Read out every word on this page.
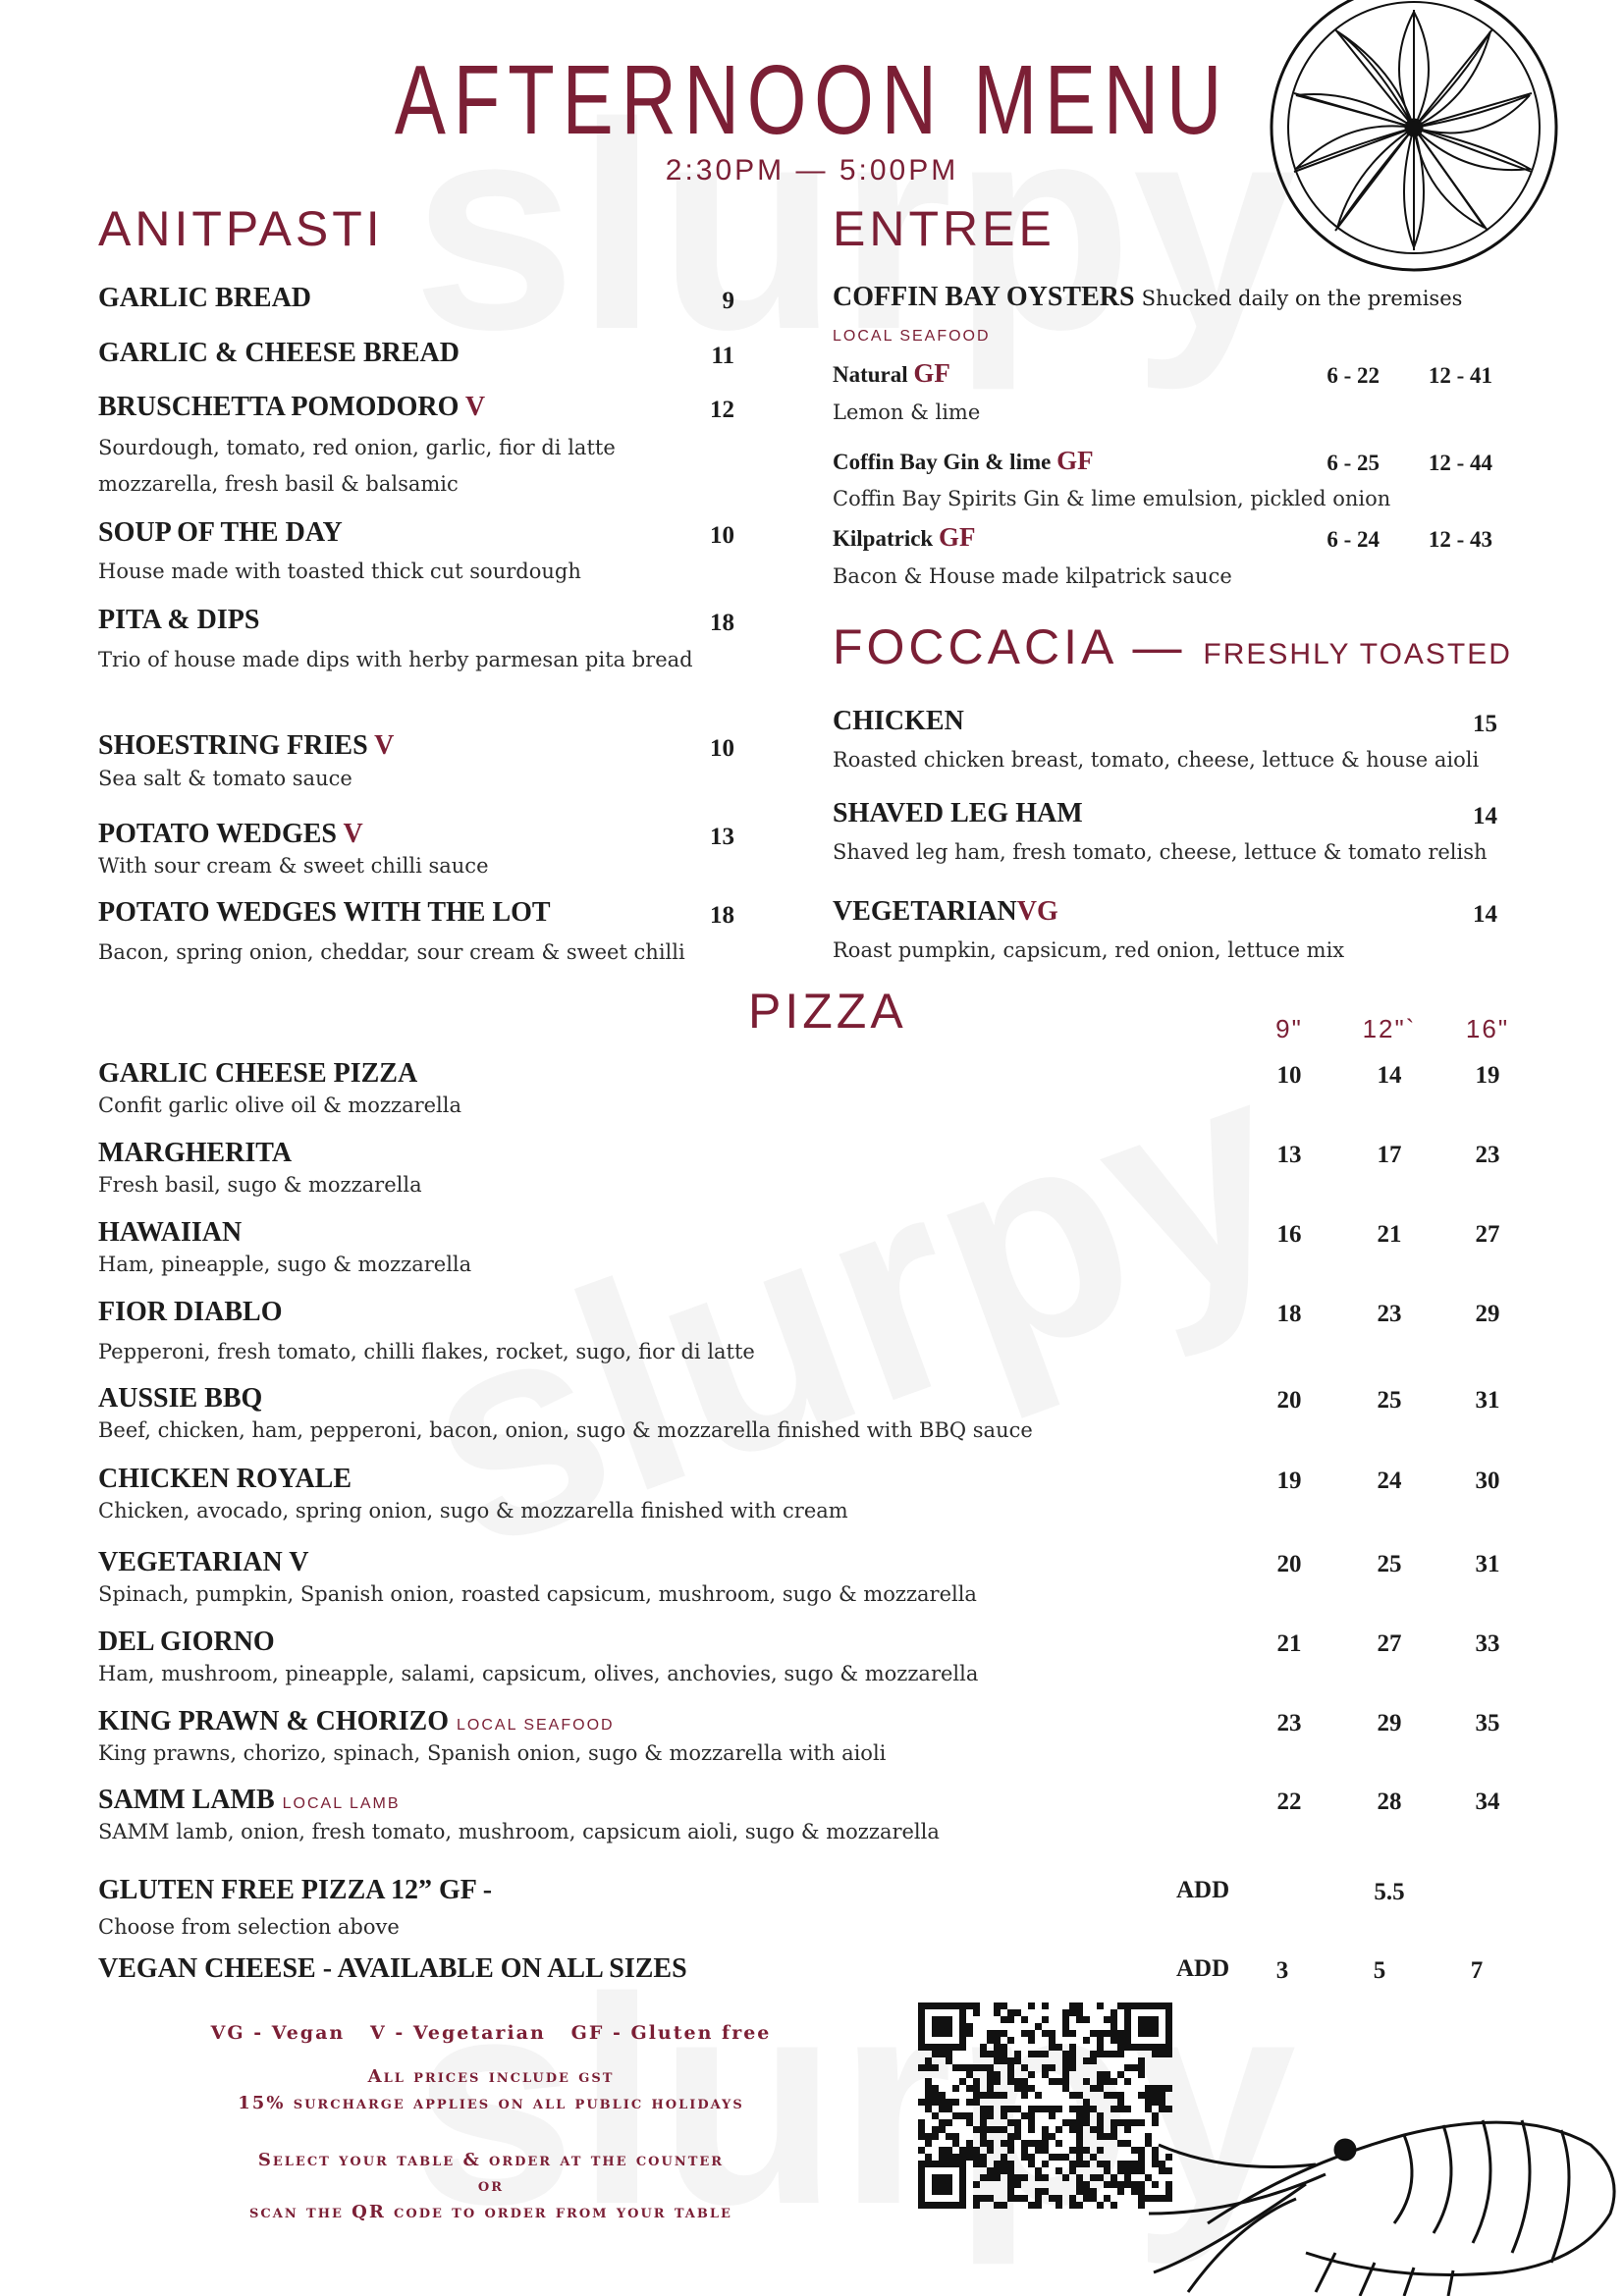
AFTERNOON MENU
2:30PM — 5:00PM
ANITPASTI
GARLIC BREAD	9
GARLIC & CHEESE BREAD	11
BRUSCHETTA POMODORO V	12
Sourdough, tomato, red onion, garlic, fior di latte
mozzarella, fresh basil & balsamic
SOUP OF THE DAY	10
House made with toasted thick cut sourdough
PITA & DIPS	18
Trio of house made dips with herby parmesan pita bread
SHOESTRING FRIES V	10
Sea salt & tomato sauce
POTATO WEDGES V	13
With sour cream & sweet chilli sauce
POTATO WEDGES WITH THE LOT	18
Bacon, spring onion, cheddar, sour cream & sweet chilli
ENTREE
COFFIN BAY OYSTERS Shucked daily on the premises
LOCAL SEAFOOD
Natural GF	6 - 22	12 - 41
Lemon & lime
Coffin Bay Gin & lime GF	6 - 25	12 - 44
Coffin Bay Spirits Gin & lime emulsion, pickled onion
Kilpatrick GF	6 - 24	12 - 43
Bacon & House made kilpatrick sauce
FOCCACIA — FRESHLY TOASTED
CHICKEN	15
Roasted chicken breast, tomato, cheese, lettuce & house aioli
SHAVED LEG HAM	14
Shaved leg ham, fresh tomato, cheese, lettuce & tomato relish
VEGETARIANVG	14
Roast pumpkin, capsicum, red onion, lettuce mix
PIZZA	9"	12"`	16"
GARLIC CHEESE PIZZA
Confit garlic olive oil & mozzarella
10	14	19
MARGHERITA
Fresh basil, sugo & mozzarella
13	17	23
HAWAIIAN
Ham, pineapple, sugo & mozzarella
16	21	27
FIOR DIABLO
Pepperoni, fresh tomato, chilli flakes, rocket, sugo, fior di latte
18	23	29
AUSSIE BBQ
Beef, chicken, ham, pepperoni, bacon, onion, sugo & mozzarella finished with BBQ sauce
20	25	31
CHICKEN ROYALE
Chicken, avocado, spring onion, sugo & mozzarella finished with cream
19	24	30
VEGETARIAN V
Spinach, pumpkin, Spanish onion, roasted capsicum, mushroom, sugo & mozzarella
20	25	31
DEL GIORNO
Ham, mushroom, pineapple, salami, capsicum, olives, anchovies, sugo & mozzarella
21	27	33
KING PRAWN & CHORIZO LOCAL SEAFOOD
King prawns, chorizo, spinach, Spanish onion, sugo & mozzarella with aioli
23	29	35
SAMM LAMB LOCAL LAMB
SAMM lamb, onion, fresh tomato, mushroom, capsicum aioli, sugo & mozzarella
22	28	34
GLUTEN FREE PIZZA 12” GF -	ADD	5.5
Choose from selection above
VEGAN CHEESE - AVAILABLE ON ALL SIZES	ADD	3	5	7
VG - Vegan   V - Vegetarian   GF - Gluten free
All prices include gst
15% surcharge applies on all public holidays
Select your table & order at the counter
or
scan the QR code to order from your table
